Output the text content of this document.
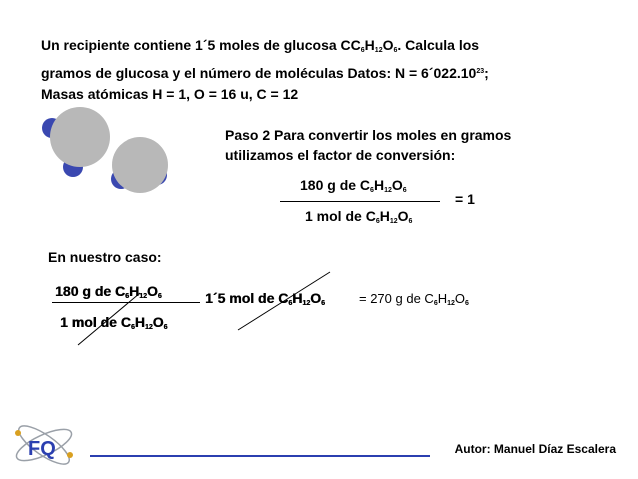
Un recipiente contiene 1´5 moles de glucosa $CC_6H_{12}O_6$. Calcula los
gramos de glucosa y el número de moléculas Datos: $N = 6´022.10^{23}$;
Masas atómicas H = 1, O = 16 u, C = 12
Paso 2 Para convertir los moles en gramos
utilizamos el factor de conversión:
180 g de $C_6H_{12}O_6$
1 mol de $C_6H_{12}O_6$
= 1
En nuestro caso:
180 g de $C_6H_{12}O_6$
1 mol de $C_6H_{12}O_6$
1´5 mol de $C_6H_{12}O_6$	= 270 g de $C_6H_{12}O_6$
FQ	Autor: Manuel Díaz Escalera
